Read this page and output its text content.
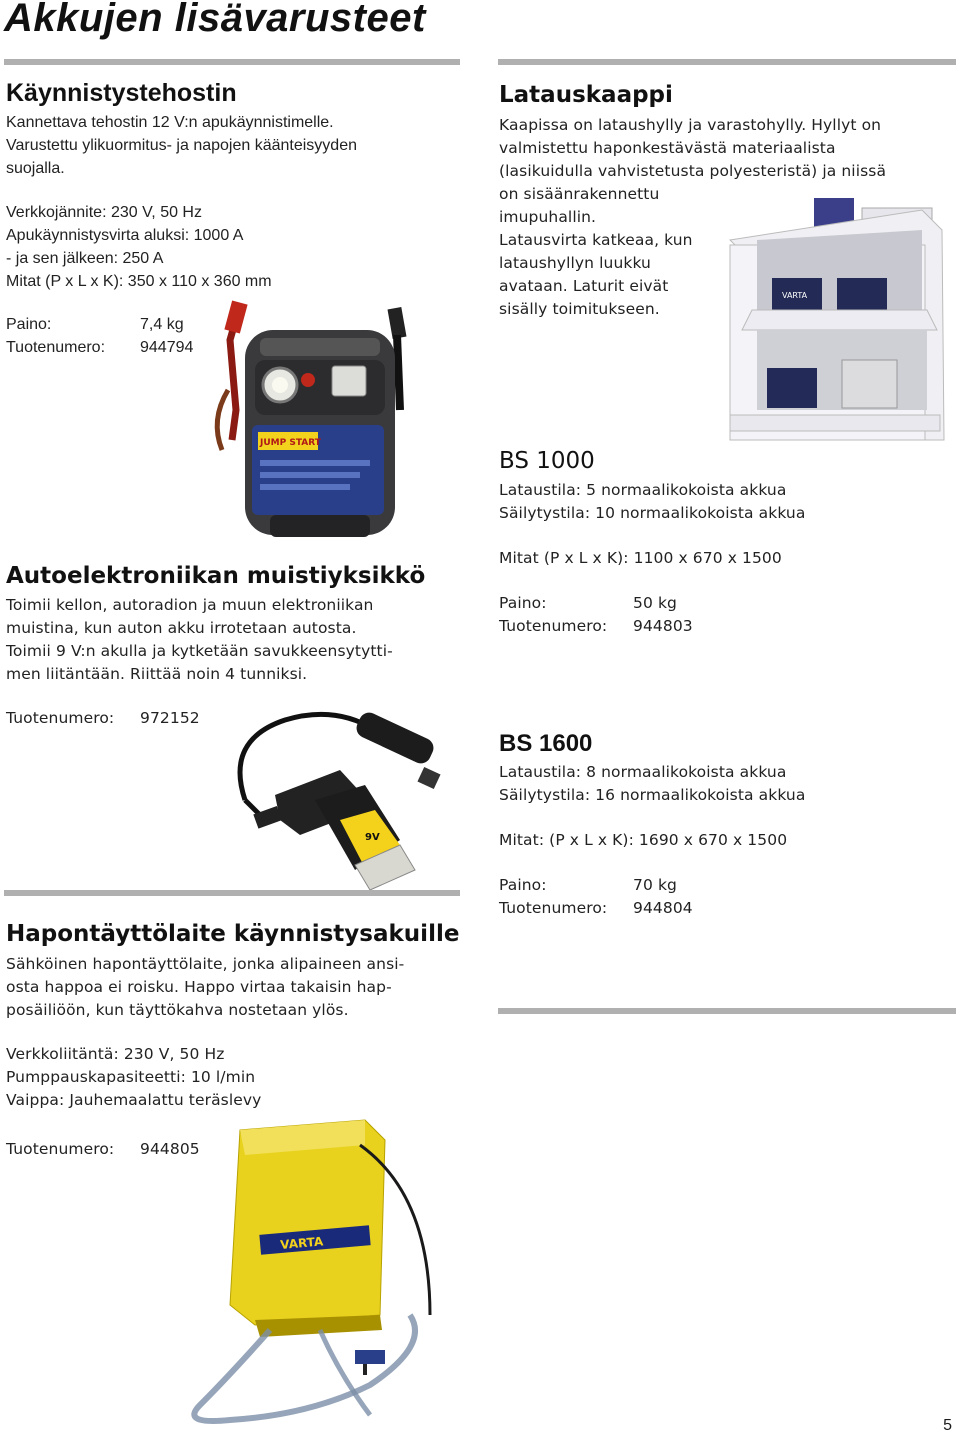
Akkujen lisävarusteet
Käynnistystehostin
Kannettava tehostin 12 V:n apukäynnistimelle.
Varustettu ylikuormitus- ja napojen käänteisyyden
suojalla.
Verkkojännite: 230 V, 50 Hz
Apukäynnistysvirta aluksi: 1000 A
- ja sen jälkeen: 250 A
Mitat (P x L x K): 350 x 110 x 360 mm
Paino:	7,4 kg
Tuotenumero:	944794
JUMP START
Latauskaappi
Kaapissa on lataushylly ja varastohylly. Hyllyt on
valmistettu haponkestävästä materiaalista
(lasikuidulla vahvistetusta polyesteristä) ja niissä
on sisäänrakennettu
imupuhallin.
Latausvirta katkeaa, kun
lataushyllyn luukku
avataan. Laturit eivät
sisälly toimitukseen.
VARTA
BS 1000
Lataustila: 5 normaalikokoista akkua
Säilytystila: 10 normaalikokoista akkua
Mitat (P x L x K): 1100 x 670 x 1500
Paino:	50 kg
Tuotenumero:	944803
BS 1600
Lataustila: 8 normaalikokoista akkua
Säilytystila: 16 normaalikokoista akkua
Mitat: (P x L x K): 1690 x 670 x 1500
Paino:	70 kg
Tuotenumero:	944804
Autoelektroniikan muistiyksikkö
Toimii kellon, autoradion ja muun elektroniikan
muistina, kun auton akku irrotetaan autosta.
Toimii 9 V:n akulla ja kytketään savukkeensytytti-
men liitäntään. Riittää noin 4 tunniksi.
Tuotenumero:	972152
9V
Hapontäyttölaite käynnistysakuille
Sähköinen hapontäyttölaite, jonka alipaineen ansi-
osta happoa ei roisku. Happo virtaa takaisin hap-
posäiliöön, kun täyttökahva nostetaan ylös.
Verkkoliitäntä: 230 V, 50 Hz
Pumppauskapasiteetti: 10 l/min
Vaippa: Jauhemaalattu teräslevy
Tuotenumero:	944805
VARTA
5
